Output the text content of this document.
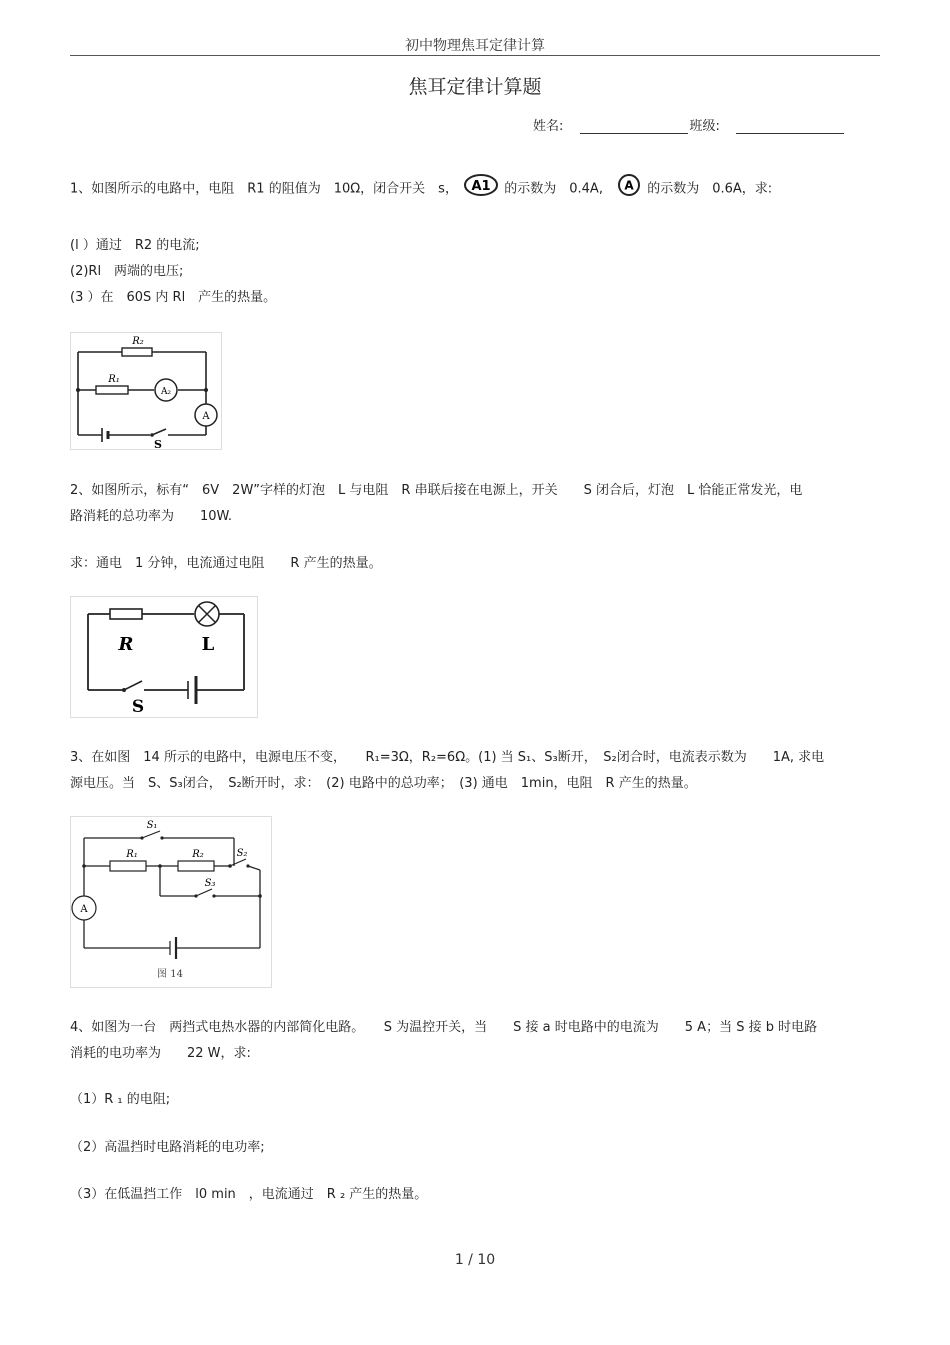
初中物理焦耳定律计算
焦耳定律计算题
姓名:	班级:
1、如图所示的电路中，电阻　R1 的阻值为　10Ω，闭合开关　s， A1 的示数为　0.4A, A 的示数为　0.6A，求:
(l ）通过　R2 的电流;
(2)Rl　两端的电压;
(3 ）在　60S 内 Rl　产生的热量。
R₂
R₁
A₂
A
S
2、如图所示，标有“　6V　2W”字样的灯泡　L 与电阻　R 串联后接在电源上，开关　　S 闭合后，灯泡　L 恰能正常发光，电
路消耗的总功率为　　10W.
求：通电　1 分钟，电流通过电阻　　R 产生的热量。
R	L
S
3、在如图　14 所示的电路中，电源电压不变，　　R₁=3Ω，R₂=6Ω。(1) 当 S₁、S₃断开，　S₂闭合时，电流表示数为　　1A, 求电
源电压。当　S、S₃闭合，　S₂断开时，求：　(2) 电路中的总功率；　(3) 通电　1min，电阻　R 产生的热量。
S₁
R₁	R₂	S₂
S₃
A
图 14
4、如图为一台　两挡式电热水器的内部简化电路。　　S 为温控开关，当　　S 接 a 时电路中的电流为　　5 A；当 S 接 b 时电路
消耗的电功率为　　22 W，求:
（1）R ₁ 的电阻;
（2）高温挡时电路消耗的电功率;
（3）在低温挡工作　l0 min　，电流通过　R ₂ 产生的热量。
1 / 10
